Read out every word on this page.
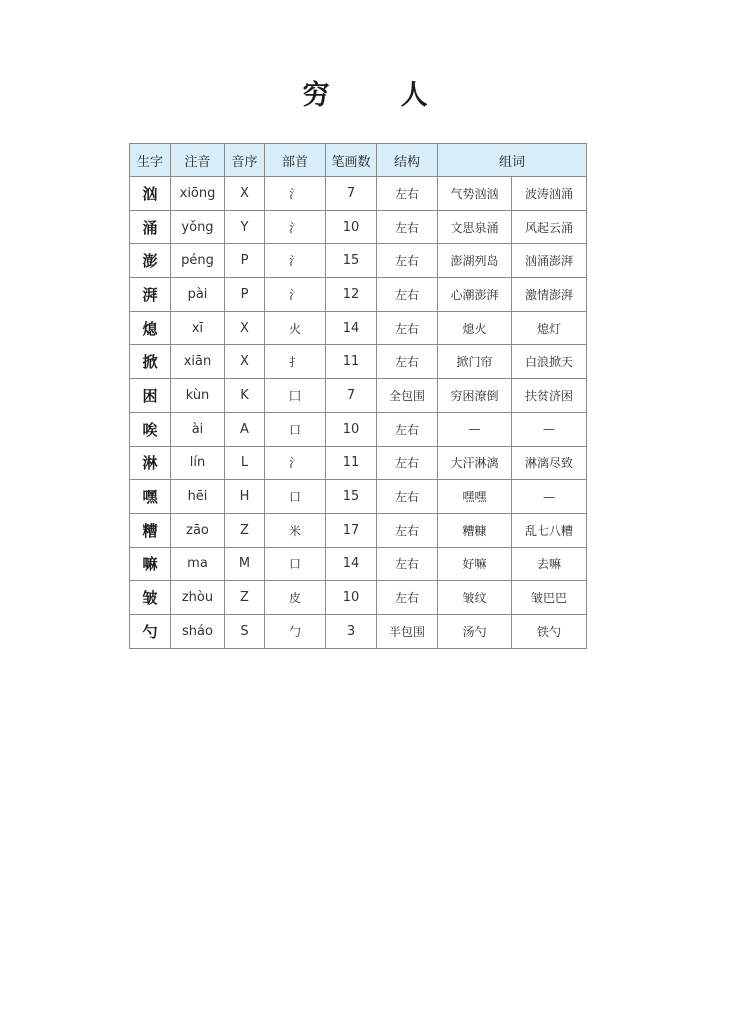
穷　人
生字	注音	音序	部首	笔画数	结构	组词	
汹	xiōng	X	氵	7	左右	气势汹汹	波涛汹涌
涌	yǒng	Y	氵	10	左右	文思泉涌	风起云涌
澎	péng	P	氵	15	左右	澎湖列岛	汹涌澎湃
湃	pài	P	氵	12	左右	心潮澎湃	激情澎湃
熄	xī	X	火	14	左右	熄火	熄灯
掀	xiān	X	扌	11	左右	掀门帘	白浪掀天
困	kùn	K	囗	7	全包围	穷困潦倒	扶贫济困
唉	ài	A	口	10	左右	—	—
淋	lín	L	氵	11	左右	大汗淋漓	淋漓尽致
嘿	hēi	H	口	15	左右	嘿嘿	—
糟	zāo	Z	米	17	左右	糟糠	乱七八糟
嘛	ma	M	口	14	左右	好嘛	去嘛
皱	zhòu	Z	皮	10	左右	皱纹	皱巴巴
勺	sháo	S	勹	3	半包围	汤勺	铁勺
